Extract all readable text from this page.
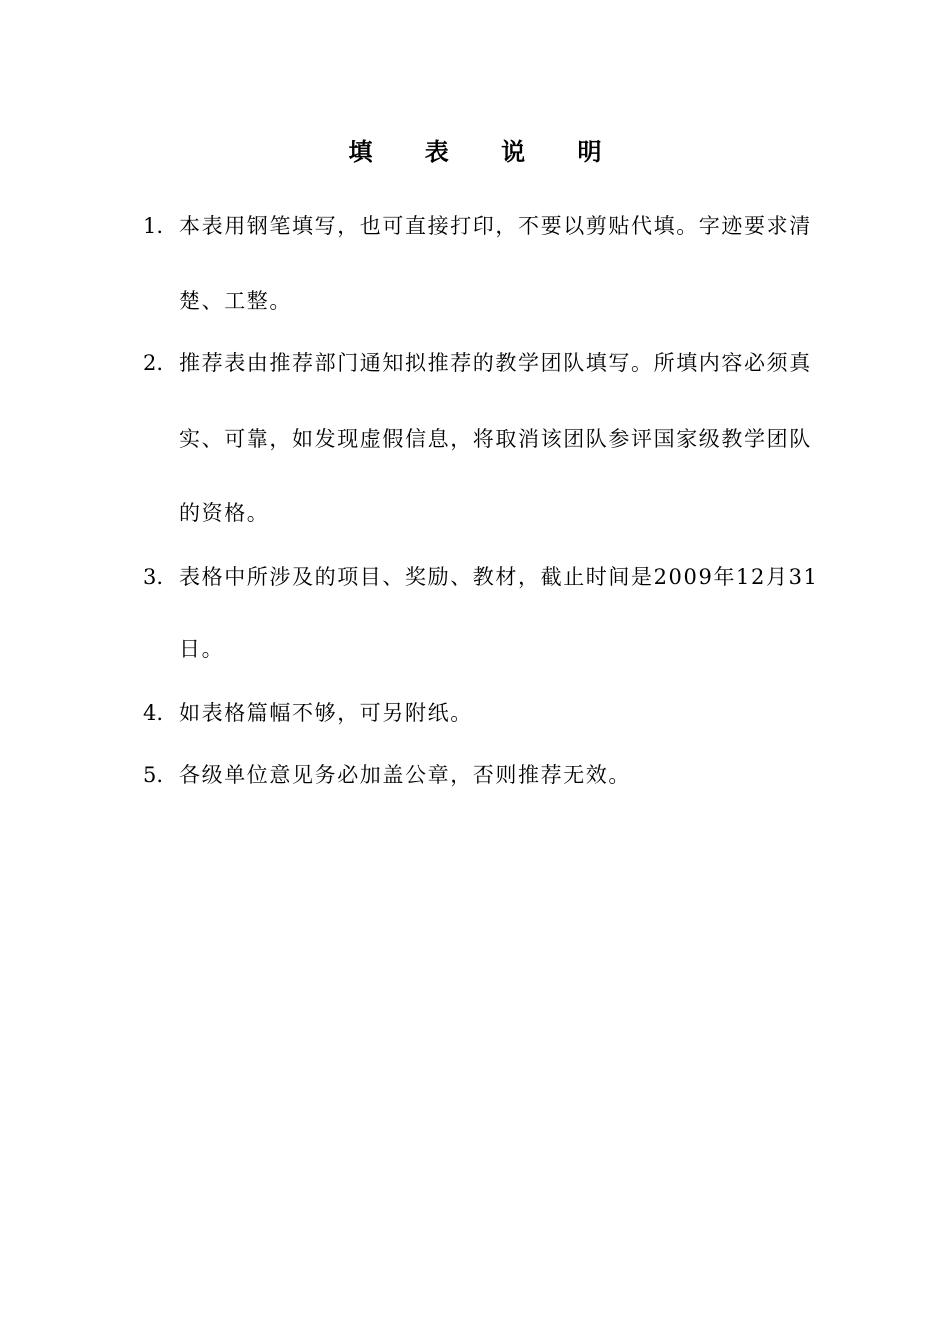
填 表 说 明
1. 本表用钢笔填写，也可直接打印，不要以剪贴代填。字迹要求清
楚、工整。
2. 推荐表由推荐部门通知拟推荐的教学团队填写。所填内容必须真
实、可靠，如发现虚假信息，将取消该团队参评国家级教学团队
的资格。
3. 表格中所涉及的项目、奖励、教材，截止时间是2009年12月31
日。
4. 如表格篇幅不够，可另附纸。
5. 各级单位意见务必加盖公章，否则推荐无效。
